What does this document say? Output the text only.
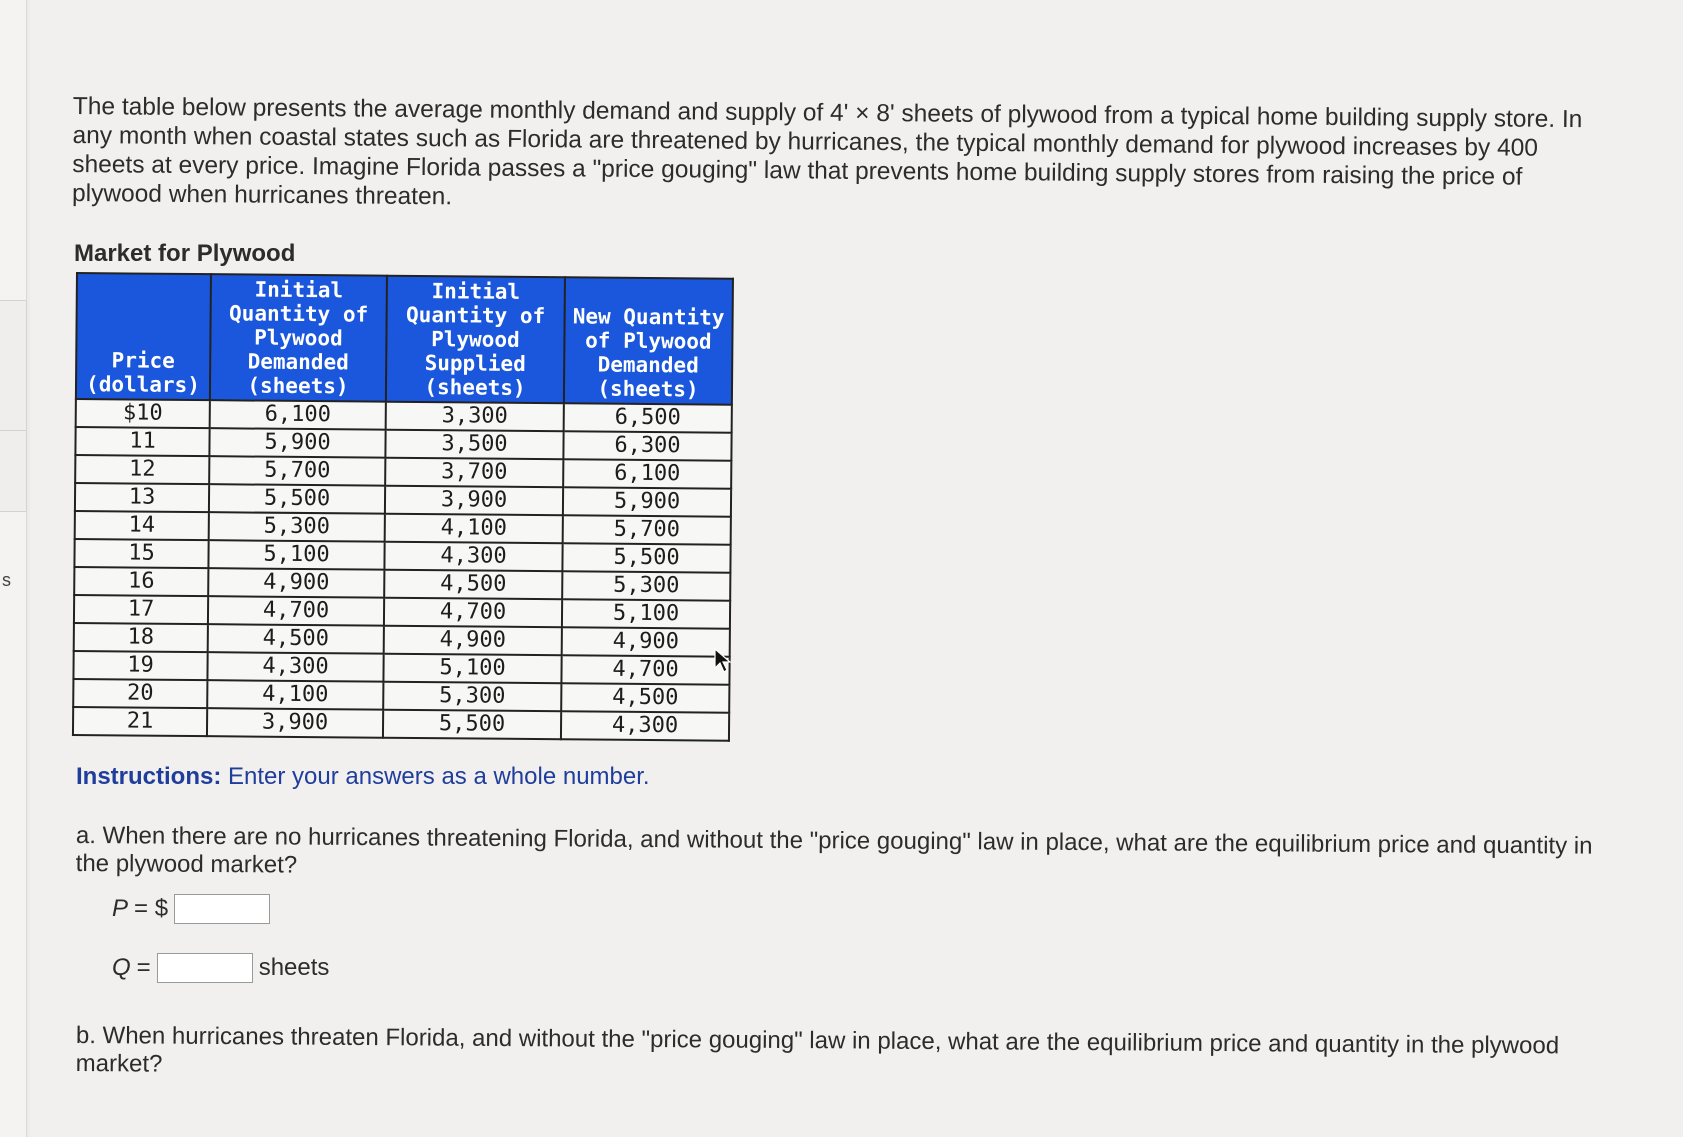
s
The table below presents the average monthly demand and supply of 4' × 8' sheets of plywood from a typical home building supply store. In any month when coastal states such as Florida are threatened by hurricanes, the typical monthly demand for plywood increases by 400 sheets at every price. Imagine Florida passes a "price gouging" law that prevents home building supply stores from raising the price of plywood when hurricanes threaten.
Market for Plywood
Price (dollars)	Initial Quantity of Plywood Demanded (sheets)	Initial Quantity of Plywood Supplied (sheets)	New Quantity of Plywood Demanded (sheets)
$10	6,100	3,300	6,500
11	5,900	3,500	6,300
12	5,700	3,700	6,100
13	5,500	3,900	5,900
14	5,300	4,100	5,700
15	5,100	4,300	5,500
16	4,900	4,500	5,300
17	4,700	4,700	5,100
18	4,500	4,900	4,900
19	4,300	5,100	4,700
20	4,100	5,300	4,500
21	3,900	5,500	4,300
Instructions: Enter your answers as a whole number.
a. When there are no hurricanes threatening Florida, and without the "price gouging" law in place, what are the equilibrium price and quantity in the plywood market?
P = $
Q =	sheets
b. When hurricanes threaten Florida, and without the "price gouging" law in place, what are the equilibrium price and quantity in the plywood market?
